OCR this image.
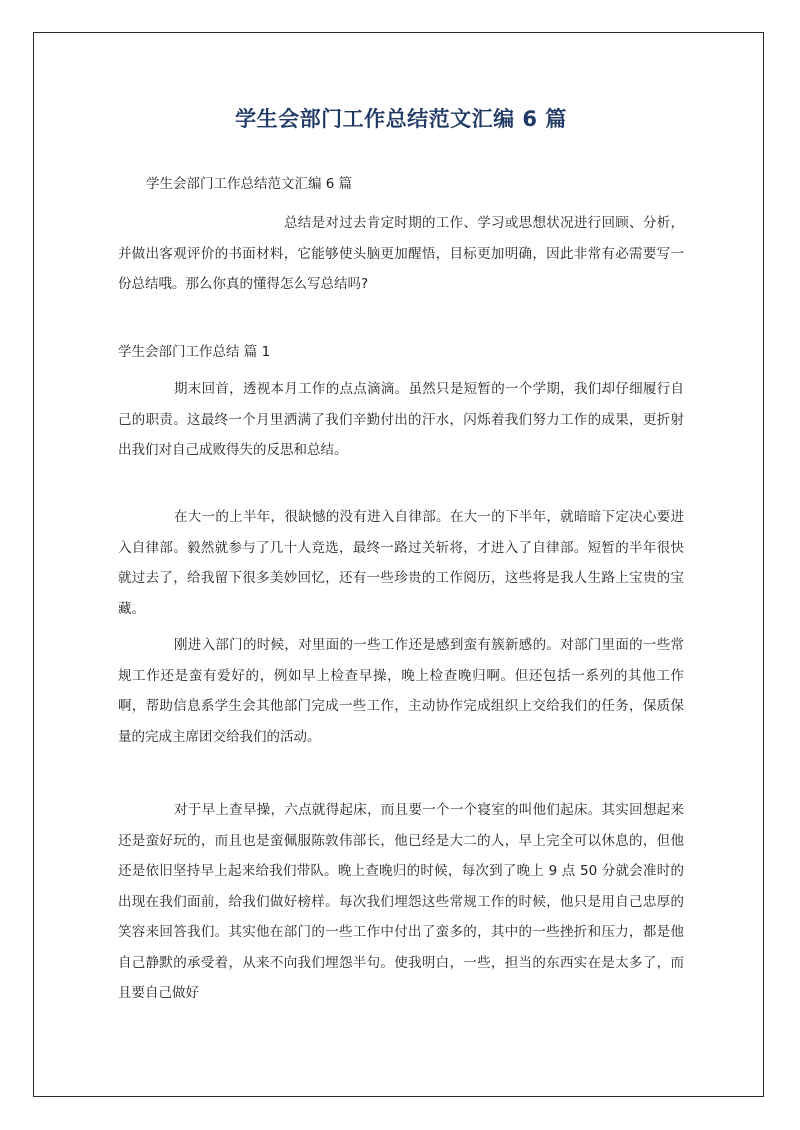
学生会部门工作总结范文汇编 6 篇
学生会部门工作总结范文汇编 6 篇
总结是对过去肯定时期的工作、学习或思想状况进行回顾、分析，并做出客观评价的书面材料，它能够使头脑更加醒悟，目标更加明确，因此非常有必需要写一份总结哦。那么你真的懂得怎么写总结吗?
学生会部门工作总结 篇 1
期末回首，透视本月工作的点点滴滴。虽然只是短暂的一个学期，我们却仔细履行自己的职责。这最终一个月里洒满了我们辛勤付出的汗水，闪烁着我们努力工作的成果，更折射出我们对自己成败得失的反思和总结。
在大一的上半年，很缺憾的没有进入自律部。在大一的下半年，就暗暗下定决心要进入自律部。毅然就参与了几十人竞选，最终一路过关斩将，才进入了自律部。短暂的半年很快就过去了，给我留下很多美妙回忆，还有一些珍贵的工作阅历，这些将是我人生路上宝贵的宝藏。
刚进入部门的时候，对里面的一些工作还是感到蛮有簇新感的。对部门里面的一些常规工作还是蛮有爱好的，例如早上检查早操，晚上检查晚归啊。但还包括一系列的其他工作啊，帮助信息系学生会其他部门完成一些工作，主动协作完成组织上交给我们的任务，保质保量的完成主席团交给我们的活动。
对于早上查早操，六点就得起床，而且要一个一个寝室的叫他们起床。其实回想起来还是蛮好玩的，而且也是蛮佩服陈敦伟部长，他已经是大二的人，早上完全可以休息的，但他还是依旧坚持早上起来给我们带队。晚上查晚归的时候，每次到了晚上 9 点 50 分就会准时的出现在我们面前，给我们做好榜样。每次我们埋怨这些常规工作的时候，他只是用自己忠厚的笑容来回答我们。其实他在部门的一些工作中付出了蛮多的，其中的一些挫折和压力，都是他自己静默的承受着，从来不向我们埋怨半句。使我明白，一些，担当的东西实在是太多了，而且要自己做好
